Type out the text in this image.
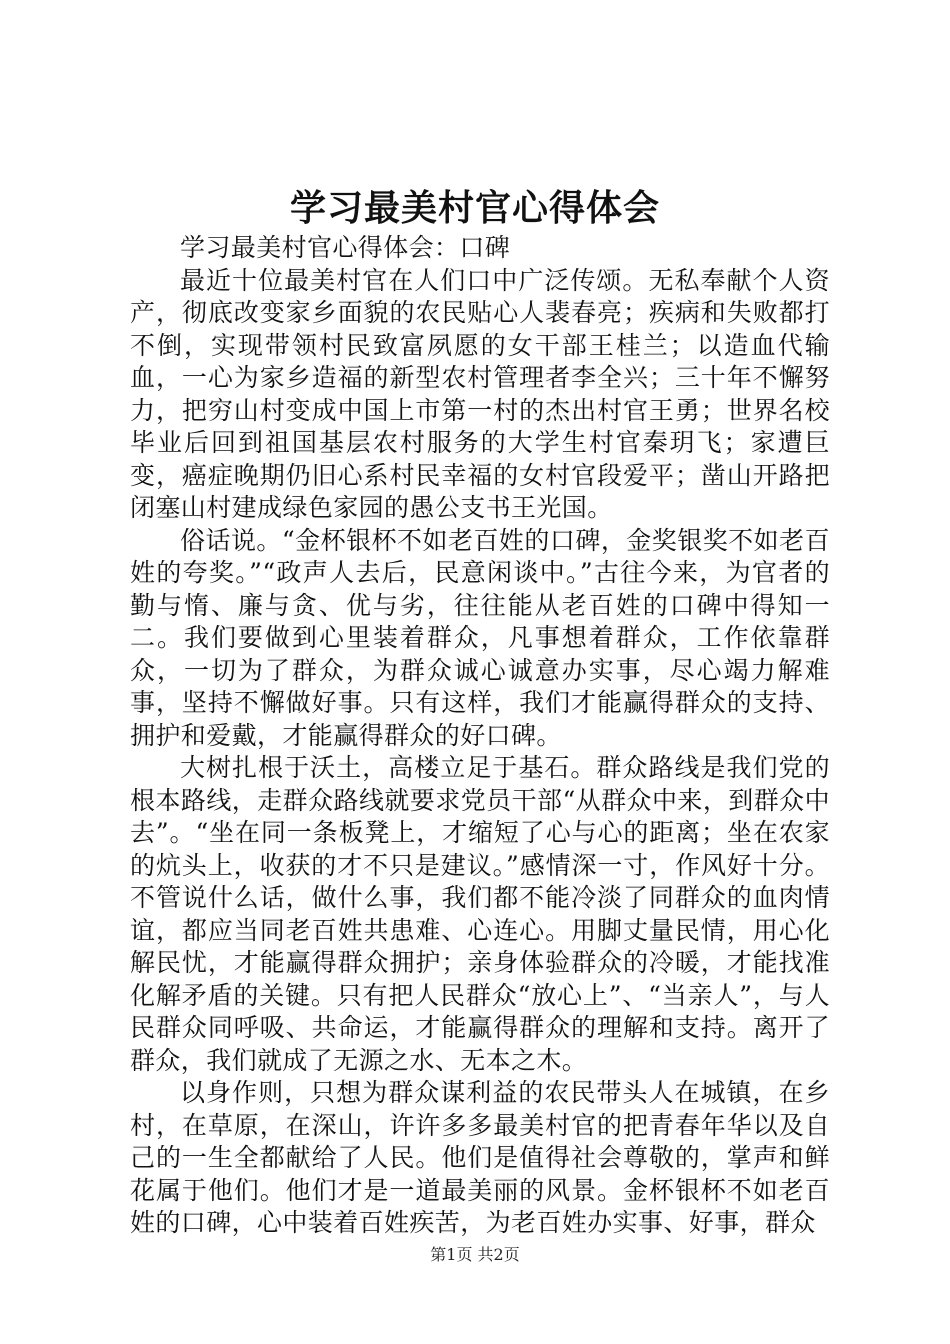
学习最美村官心得体会

学习最美村官心得体会：口碑

最近十位最美村官在人们口中广泛传颂。无私奉献个人资产，彻底改变家乡面貌的农民贴心人裴春亮；疾病和失败都打不倒，实现带领村民致富夙愿的女干部王桂兰；以造血代输血，一心为家乡造福的新型农村管理者李全兴；三十年不懈努力，把穷山村变成中国上市第一村的杰出村官王勇；世界名校毕业后回到祖国基层农村服务的大学生村官秦玥飞；家遭巨变，癌症晚期仍旧心系村民幸福的女村官段爱平；凿山开路把闭塞山村建成绿色家园的愚公支书王光国。

俗话说。“金杯银杯不如老百姓的口碑，金奖银奖不如老百姓的夸奖。”“政声人去后，民意闲谈中。”古往今来，为官者的勤与惰、廉与贪、优与劣，往往能从老百姓的口碑中得知一二。我们要做到心里装着群众，凡事想着群众，工作依靠群众，一切为了群众，为群众诚心诚意办实事，尽心竭力解难事，坚持不懈做好事。只有这样，我们才能赢得群众的支持、拥护和爱戴，才能赢得群众的好口碑。

大树扎根于沃土，高楼立足于基石。群众路线是我们党的根本路线，走群众路线就要求党员干部“从群众中来，到群众中去”。“坐在同一条板凳上，才缩短了心与心的距离；坐在农家的炕头上，收获的才不只是建议。”感情深一寸，作风好十分。不管说什么话，做什么事，我们都不能冷淡了同群众的血肉情谊，都应当同老百姓共患难、心连心。用脚丈量民情，用心化解民忧，才能赢得群众拥护；亲身体验群众的冷暖，才能找准化解矛盾的关键。只有把人民群众“放心上”、“当亲人”，与人民群众同呼吸、共命运，才能赢得群众的理解和支持。离开了群众，我们就成了无源之水、无本之木。

以身作则，只想为群众谋利益的农民带头人在城镇，在乡村，在草原，在深山，许许多多最美村官的把青春年华以及自己的一生全都献给了人民。他们是值得社会尊敬的，掌声和鲜花属于他们。他们才是一道最美丽的风景。金杯银杯不如老百姓的口碑，心中装着百姓疾苦，为老百姓办实事、好事，群众

第1页 共2页
